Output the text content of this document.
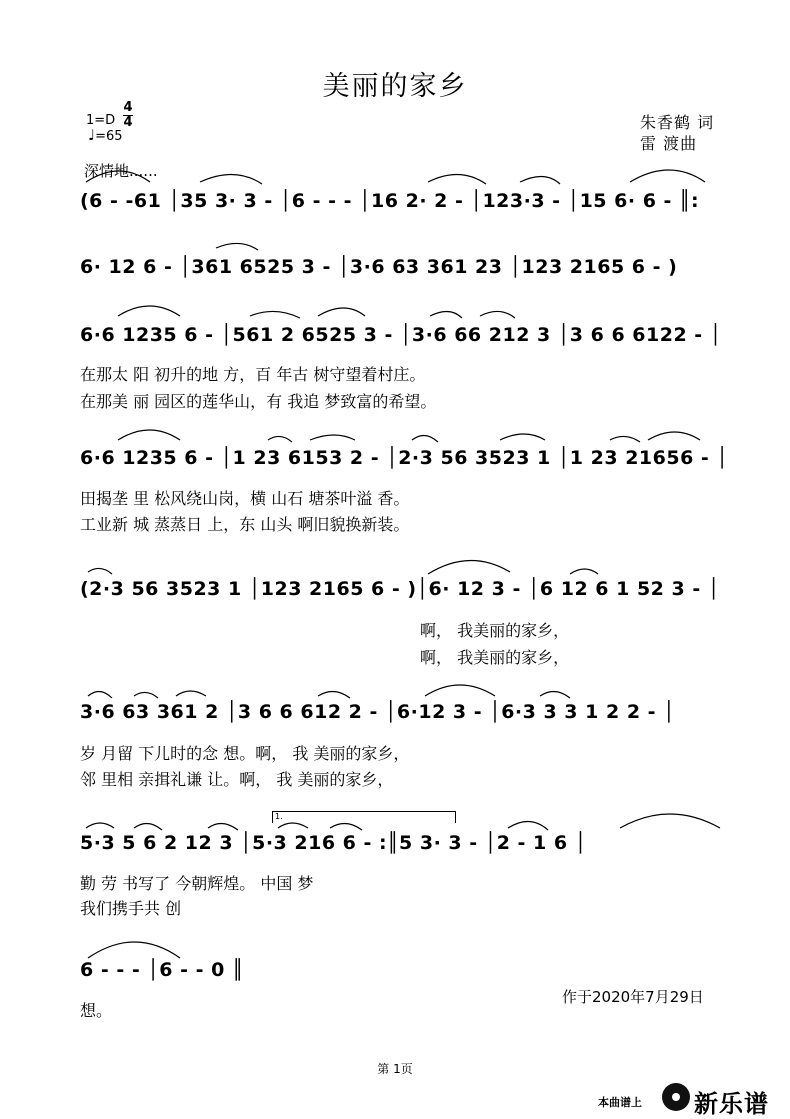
美丽的家乡
1=D
4
4
♩=65
深情地......
朱香鹤 词
雷 渡曲
(6 - -61 │35 3· 3 - │6 - - - │16 2· 2 - │123·3 - │15 6· 6 - ║:
6· 12 6 - │361 6525 3 - │3·6 63 361 23 │123 2165 6 - )
6·6 1235 6 - │561 2 6525 3 - │3·6 66 212 3 │3 6 6 6122 - │
在那太 阳 初升的地 方，百 年古 树守望着村庄。
在那美 丽 园区的莲华山，有 我追 梦致富的希望。
6·6 1235 6 - │1 23 6153 2 - │2·3 56 3523 1 │1 23 21656 - │
田揭垄 里 松风绕山岗，横 山石 塘茶叶溢 香。
工业新 城 蒸蒸日 上，东 山头 啊旧貌换新装。
(2·3 56 3523 1 │123 2165 6 - )│6· 12 3 - │6 12 6 1 52 3 - │
啊， 我美丽的家乡，
啊， 我美丽的家乡，
3·6 63 361 2 │3 6 6 612 2 - │6·12 3 - │6·3 3 3 1 2 2 - │
岁 月留 下儿时的念 想。啊， 我 美丽的家乡，
邻 里相 亲揖礼谦 让。啊， 我 美丽的家乡，
1.
5·3 5 6 2 12 3 │5·3 216 6 - :║5 3· 3 - │2 - 1 6 │
勤 劳 书写了 今朝辉煌。 中国 梦
我们携手共 创
6 - - - │6 - - 0 ║
想。
作于2020年7月29日
第 1页
本曲谱上 新乐谱
